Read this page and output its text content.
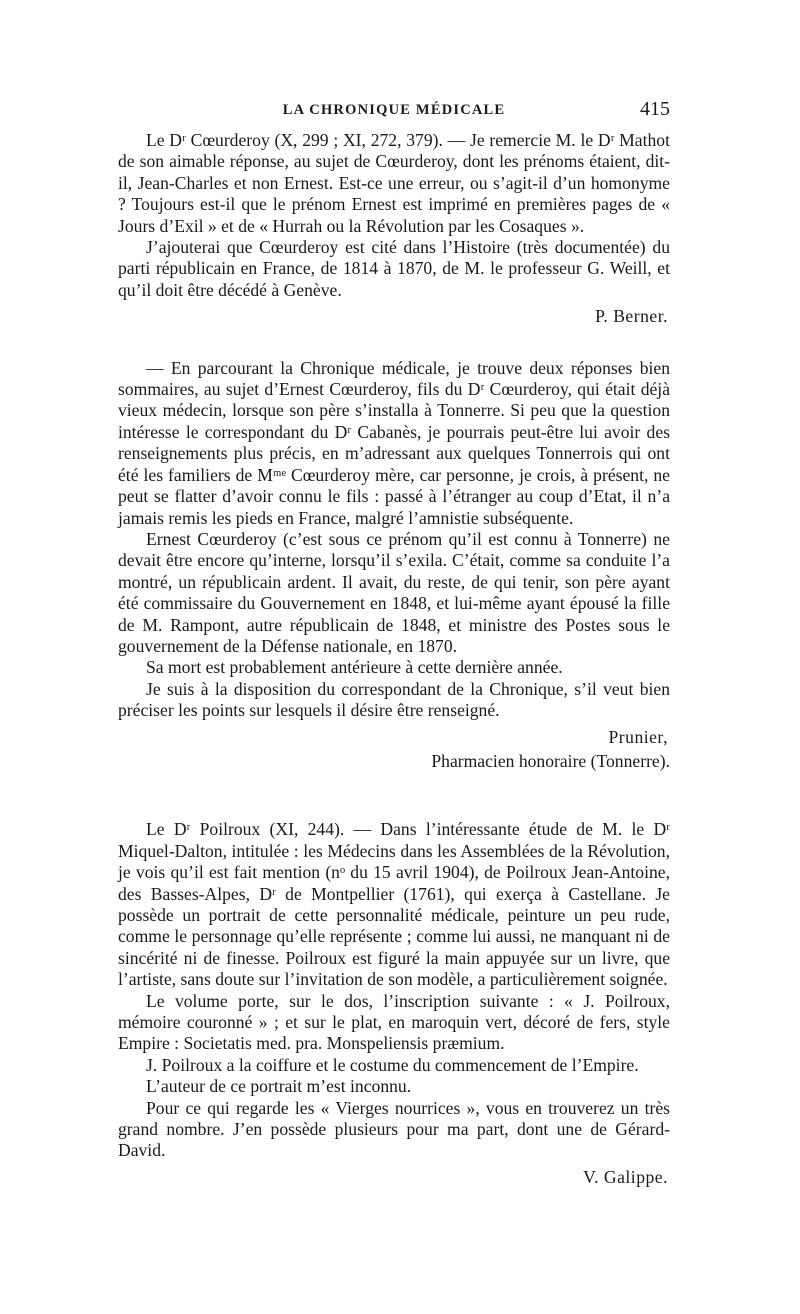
LA CHRONIQUE MÉDICALE	415

Le Dʳ Cœurderoy (X, 299 ; XI, 272, 379). — Je remercie M. le Dʳ Mathot de son aimable réponse, au sujet de Cœurderoy, dont les prénoms étaient, dit-il, Jean-Charles et non Ernest. Est-ce une erreur, ou s’agit-il d’un homonyme ? Toujours est-il que le prénom Ernest est imprimé en premières pages de « Jours d’Exil » et de « Hurrah ou la Révolution par les Cosaques ».

J’ajouterai que Cœurderoy est cité dans l’Histoire (très documentée) du parti républicain en France, de 1814 à 1870, de M. le professeur G. Weill, et qu’il doit être décédé à Genève.

P. Berner.

— En parcourant la Chronique médicale, je trouve deux réponses bien sommaires, au sujet d’Ernest Cœurderoy, fils du Dʳ Cœurderoy, qui était déjà vieux médecin, lorsque son père s’installa à Tonnerre. Si peu que la question intéresse le correspondant du Dʳ Cabanès, je pourrais peut-être lui avoir des renseignements plus précis, en m’adressant aux quelques Tonnerrois qui ont été les familiers de Mᵐᵉ Cœurderoy mère, car personne, je crois, à présent, ne peut se flatter d’avoir connu le fils : passé à l’étranger au coup d’Etat, il n’a jamais remis les pieds en France, malgré l’amnistie subséquente.

Ernest Cœurderoy (c’est sous ce prénom qu’il est connu à Tonnerre) ne devait être encore qu’interne, lorsqu’il s’exila. C’était, comme sa conduite l’a montré, un républicain ardent. Il avait, du reste, de qui tenir, son père ayant été commissaire du Gouvernement en 1848, et lui-même ayant épousé la fille de M. Rampont, autre républicain de 1848, et ministre des Postes sous le gouvernement de la Défense nationale, en 1870.

Sa mort est probablement antérieure à cette dernière année.

Je suis à la disposition du correspondant de la Chronique, s’il veut bien préciser les points sur lesquels il désire être renseigné.

Prunier,
Pharmacien honoraire (Tonnerre).

Le Dʳ Poilroux (XI, 244). — Dans l’intéressante étude de M. le Dʳ Miquel-Dalton, intitulée : les Médecins dans les Assemblées de la Révolution, je vois qu’il est fait mention (nᵒ du 15 avril 1904), de Poilroux Jean-Antoine, des Basses-Alpes, Dʳ de Montpellier (1761), qui exerça à Castellane. Je possède un portrait de cette personnalité médicale, peinture un peu rude, comme le personnage qu’elle représente ; comme lui aussi, ne manquant ni de sincérité ni de finesse. Poilroux est figuré la main appuyée sur un livre, que l’artiste, sans doute sur l’invitation de son modèle, a particulièrement soignée.

Le volume porte, sur le dos, l’inscription suivante : « J. Poilroux, mémoire couronné » ; et sur le plat, en maroquin vert, décoré de fers, style Empire : Societatis med. pra. Monspeliensis præmium.

J. Poilroux a la coiffure et le costume du commencement de l’Empire.

L’auteur de ce portrait m’est inconnu.

Pour ce qui regarde les « Vierges nourrices », vous en trouverez un très grand nombre. J’en possède plusieurs pour ma part, dont une de Gérard-David.

V. Galippe.
